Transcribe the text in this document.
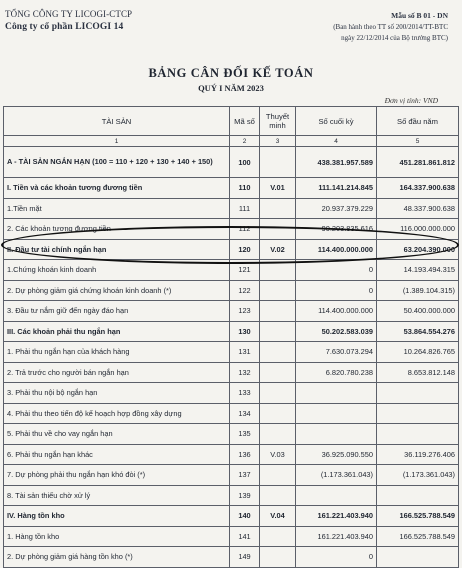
TỔNG CÔNG TY LICOGI-CTCP
Công ty cổ phần LICOGI 14
Mẫu số B 01 - DN
(Ban hành theo TT số 200/2014/TT-BTC
ngày 22/12/2014 của Bộ trưởng BTC)
BẢNG CÂN ĐỐI KẾ TOÁN
QUÝ I NĂM 2023
Đơn vị tính: VND
TÀI SẢN	Mã số	Thuyết minh	Số cuối kỳ	Số đầu năm
1	2	3	4	5
A - TÀI SẢN NGẮN HẠN (100 = 110 + 120 + 130 + 140 + 150)	100		438.381.957.589	451.281.861.812
I. Tiền và các khoản tương đương tiền	110	V.01	111.141.214.845	164.337.900.638
1.Tiền mặt	111		20.937.379.229	48.337.900.638
2. Các khoản tương đương tiền	112		90.203.835.616	116.000.000.000
II. Đầu tư tài chính ngắn hạn	120	V.02	114.400.000.000	63.204.390.000
1.Chứng khoán kinh doanh	121		0	14.193.494.315
2. Dự phòng giảm giá chứng khoán kinh doanh (*)	122		0	(1.389.104.315)
3. Đầu tư nắm giữ đến ngày đáo hạn	123		114.400.000.000	50.400.000.000
III. Các khoản phải thu ngắn hạn	130		50.202.583.039	53.864.554.276
1. Phải thu ngắn hạn của khách hàng	131		7.630.073.294	10.264.826.765
2. Trả trước cho người bán ngắn hạn	132		6.820.780.238	8.653.812.148
3. Phải thu nội bộ ngắn hạn	133			
4. Phải thu theo tiến độ kế hoạch hợp đồng xây dựng	134			
5. Phải thu về cho vay ngắn hạn	135			
6. Phải thu ngắn hạn khác	136	V.03	36.925.090.550	36.119.276.406
7. Dự phòng phải thu ngắn hạn khó đòi (*)	137		(1.173.361.043)	(1.173.361.043)
8. Tài sản thiếu chờ xử lý	139			
IV. Hàng tồn kho	140	V.04	161.221.403.940	166.525.788.549
1. Hàng tồn kho	141		161.221.403.940	166.525.788.549
2. Dự phòng giảm giá hàng tồn kho (*)	149		0	
